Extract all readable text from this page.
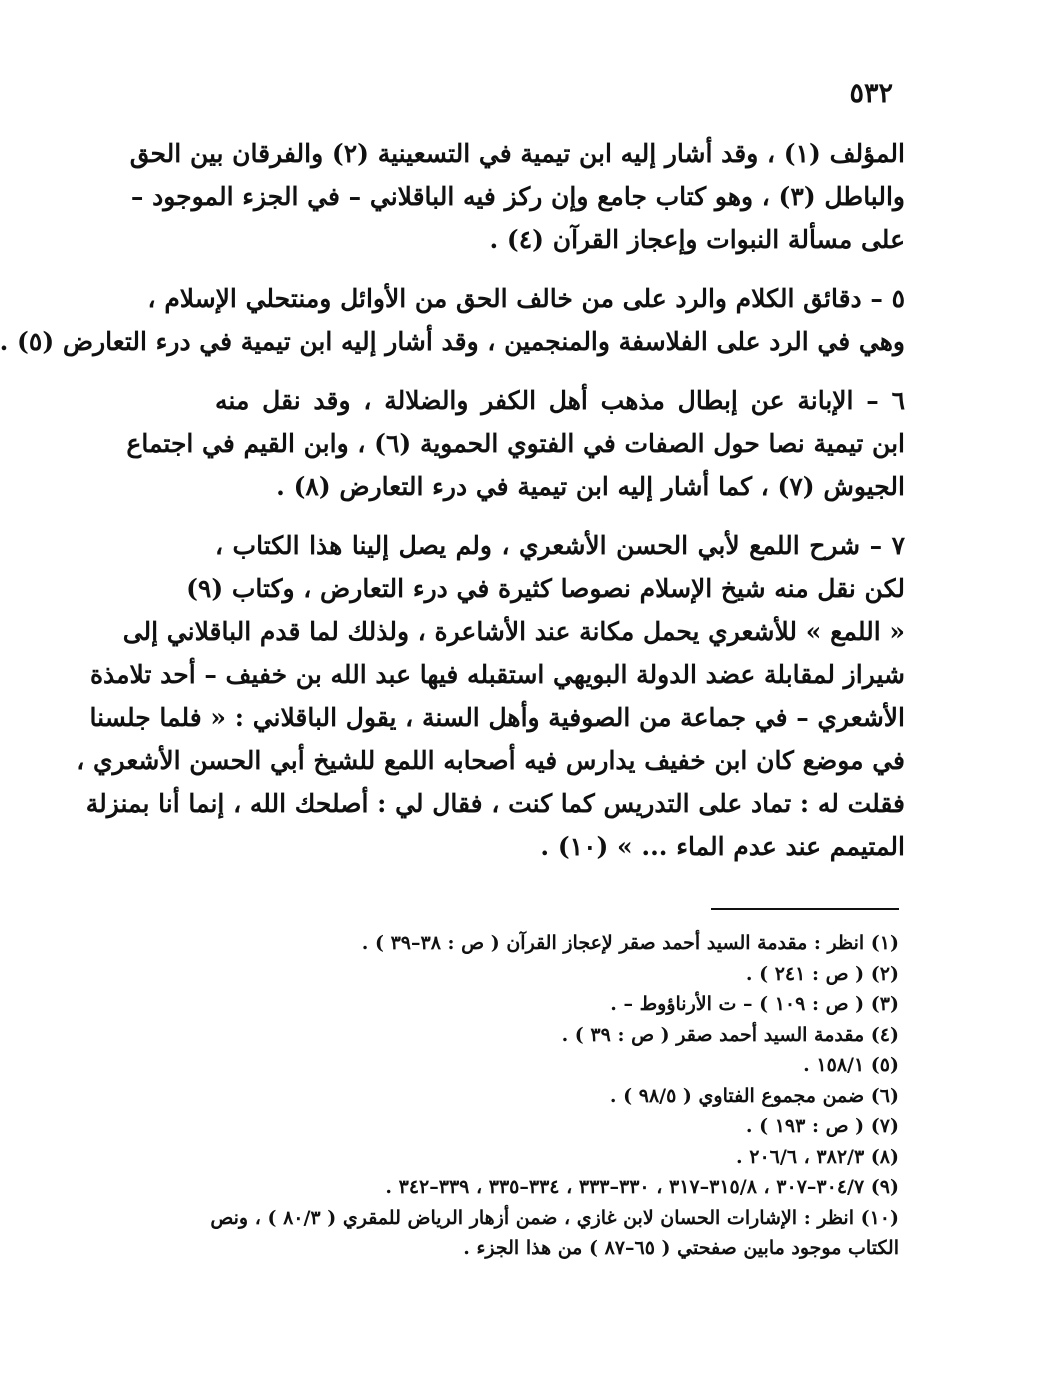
٥٣٢
المؤلف (١) ، وقد أشار إليه ابن تيمية في التسعينية (٢) والفرقان بين الحق
والباطل (٣) ، وهو كتاب جامع وإن ركز فيه الباقلاني – في الجزء الموجود –
على مسألة النبوات وإعجاز القرآن (٤) .
٥ – دقائق الكلام والرد على من خالف الحق من الأوائل ومنتحلي الإسلام ،
وهي في الرد على الفلاسفة والمنجمين ، وقد أشار إليه ابن تيمية في درء التعارض (٥) .
٦ – الإبانة عن إبطال مذهب أهل الكفر والضلالة ، وقد نقل منه
ابن تيمية نصا حول الصفات في الفتوي الحموية (٦) ، وابن القيم في اجتماع
الجيوش (٧) ، كما أشار إليه ابن تيمية في درء التعارض (٨) .
٧ – شرح اللمع لأبي الحسن الأشعري ، ولم يصل إلينا هذا الكتاب ،
لكن نقل منه شيخ الإسلام نصوصا كثيرة في درء التعارض ، وكتاب (٩)
« اللمع » للأشعري يحمل مكانة عند الأشاعرة ، ولذلك لما قدم الباقلاني إلى
شيراز لمقابلة عضد الدولة البويهي استقبله فيها عبد الله بن خفيف – أحد تلامذة
الأشعري – في جماعة من الصوفية وأهل السنة ، يقول الباقلاني : « فلما جلسنا
في موضع كان ابن خفيف يدارس فيه أصحابه اللمع للشيخ أبي الحسن الأشعري ،
فقلت له : تماد على التدريس كما كنت ، فقال لي : أصلحك الله ، إنما أنا بمنزلة
المتيمم عند عدم الماء ... » (١٠) .
(١) انظر : مقدمة السيد أحمد صقر لإعجاز القرآن ( ص : ٣٨–٣٩ ) .
(٢) ( ص : ٢٤١ ) .
(٣) ( ص : ١٠٩ ) – ت الأرناؤوط – .
(٤) مقدمة السيد أحمد صقر ( ص : ٣٩ ) .
(٥) ١٥٨/١ .
(٦) ضمن مجموع الفتاوي ( ٩٨/٥ ) .
(٧) ( ص : ١٩٣ ) .
(٨) ٣٨٢/٣ ، ٢٠٦/٦ .
(٩) ٣٠٤/٧–٣٠٧ ، ٣١٥/٨–٣١٧ ، ٣٣٠–٣٣٣ ، ٣٣٤–٣٣٥ ، ٣٣٩–٣٤٢ .
(١٠) انظر : الإشارات الحسان لابن غازي ، ضمن أزهار الرياض للمقري ( ٨٠/٣ ) ، ونص
الكتاب موجود مابين صفحتي ( ٦٥–٨٧ ) من هذا الجزء .
